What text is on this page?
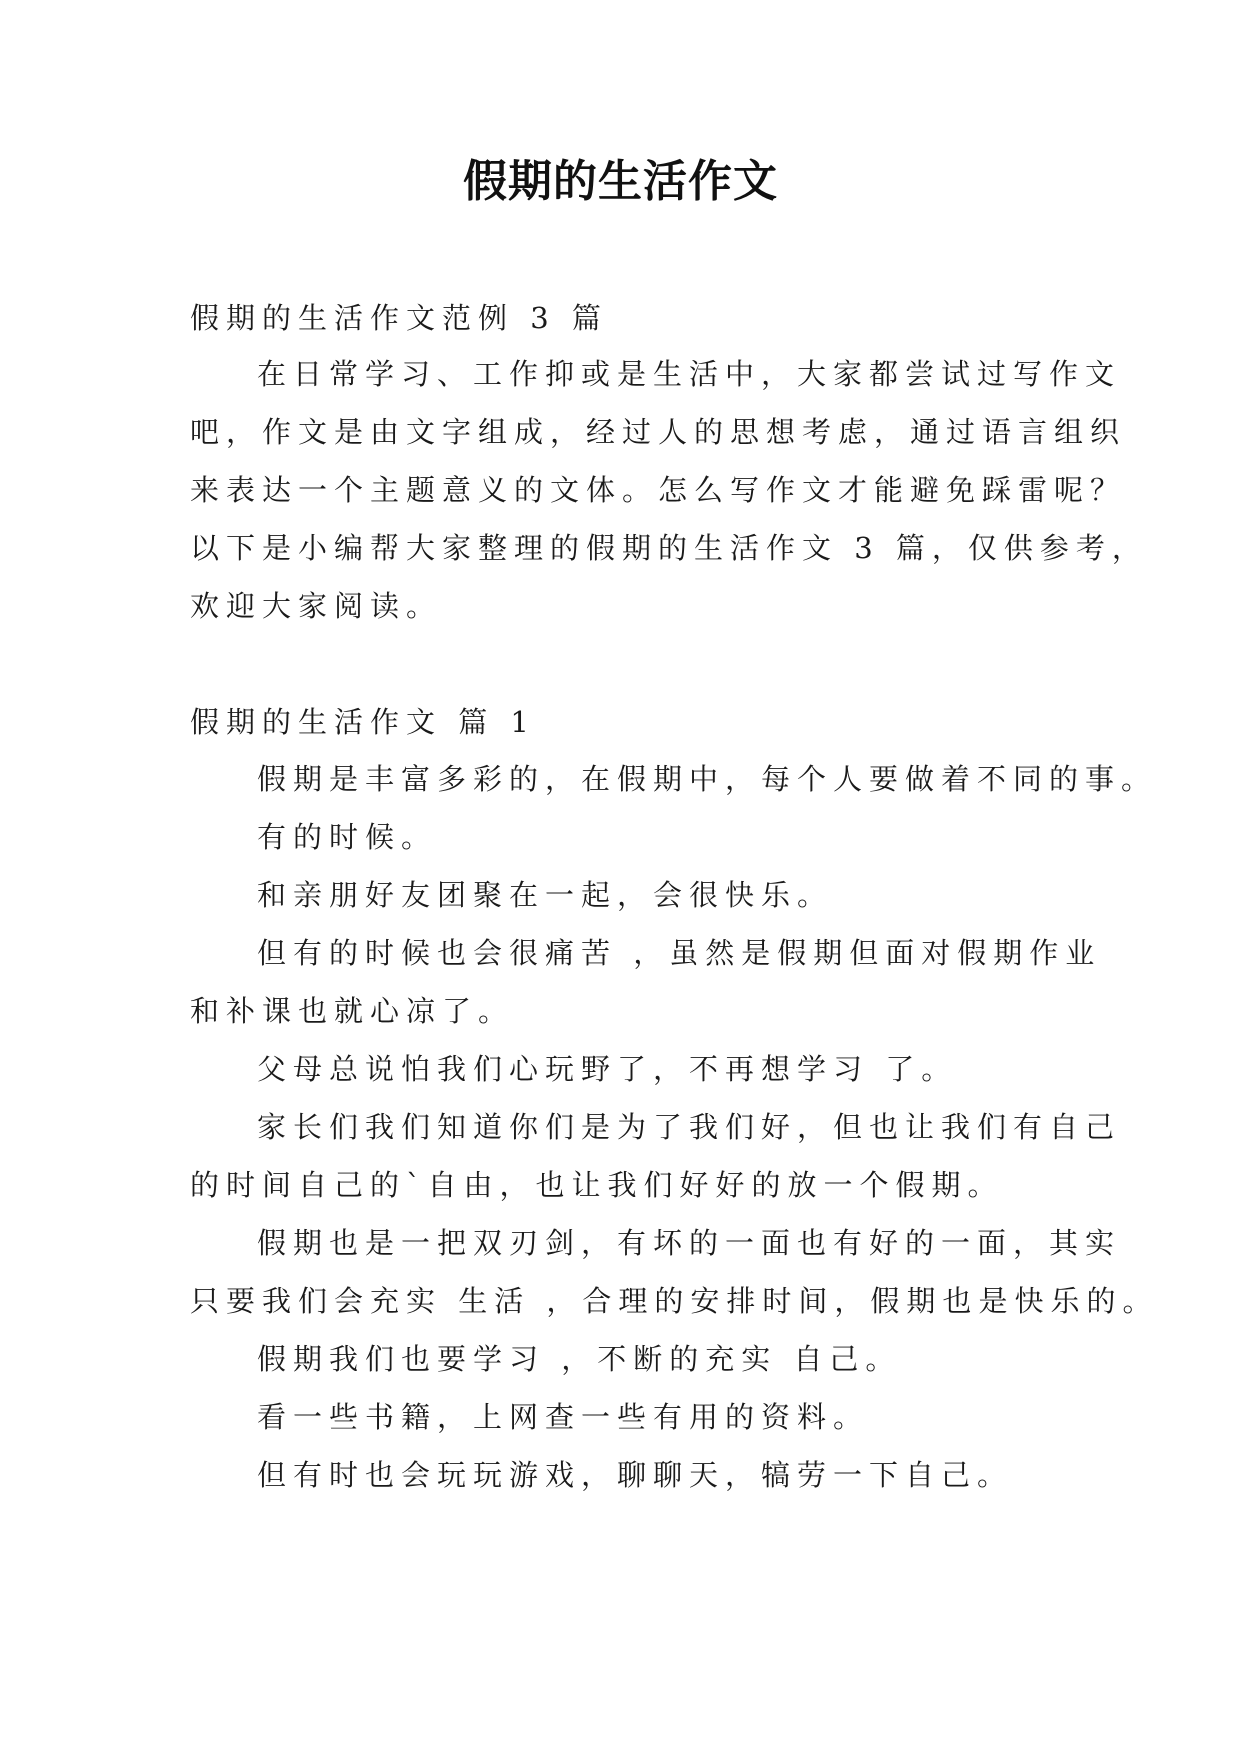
假期的生活作文
假期的生活作文范例 3 篇
在日常学习、工作抑或是生活中，大家都尝试过写作文
吧，作文是由文字组成，经过人的思想考虑，通过语言组织
来表达一个主题意义的文体。怎么写作文才能避免踩雷呢？
以下是小编帮大家整理的假期的生活作文 3 篇，仅供参考，
欢迎大家阅读。
假期的生活作文 篇 1
假期是丰富多彩的，在假期中，每个人要做着不同的事。
有的时候。
和亲朋好友团聚在一起，会很快乐。
但有的时候也会很痛苦 ，虽然是假期但面对假期作业
和补课也就心凉了。
父母总说怕我们心玩野了，不再想学习 了。
家长们我们知道你们是为了我们好，但也让我们有自己
的时间自己的`自由，也让我们好好的放一个假期。
假期也是一把双刃剑，有坏的一面也有好的一面，其实
只要我们会充实 生活 ，合理的安排时间，假期也是快乐的。
假期我们也要学习 ，不断的充实 自己。
看一些书籍，上网查一些有用的资料。
但有时也会玩玩游戏，聊聊天，犒劳一下自己。
